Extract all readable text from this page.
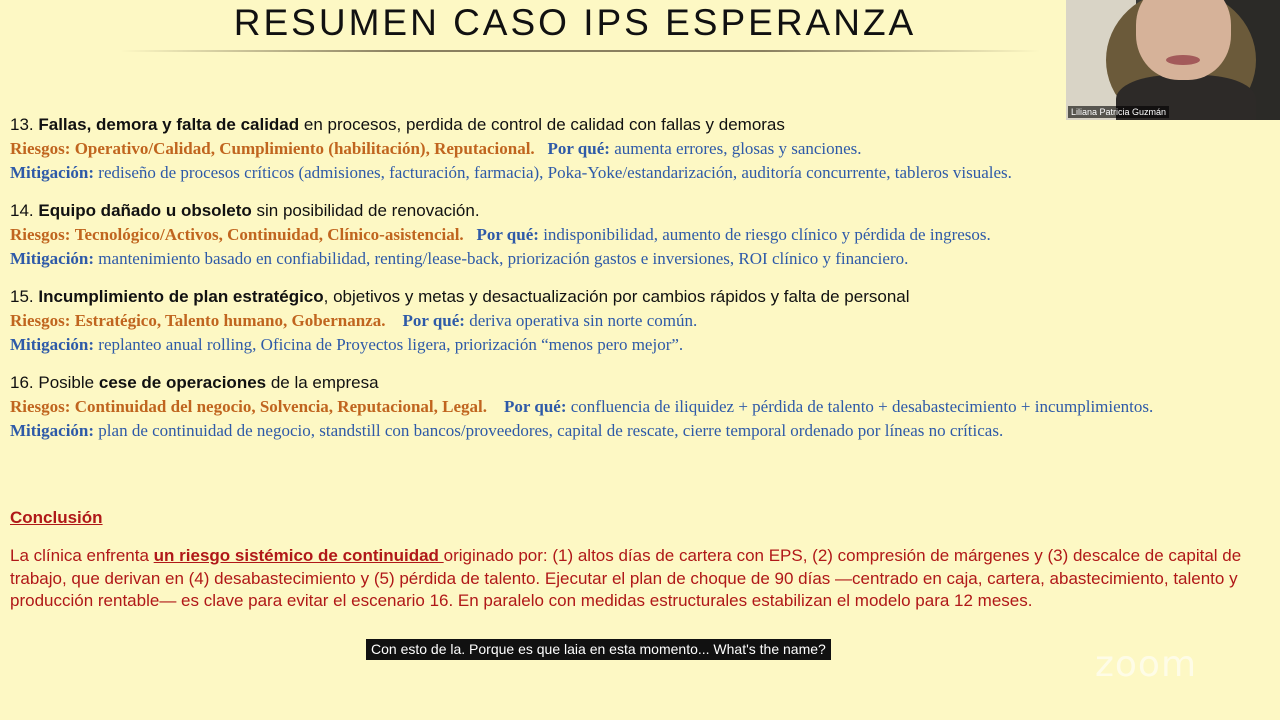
RESUMEN CASO IPS ESPERANZA
13. Fallas, demora y falta de calidad en procesos, perdida de control de calidad con fallas y demoras
Riesgos: Operativo/Calidad, Cumplimiento (habilitación), Reputacional. Por qué: aumenta errores, glosas y sanciones.
Mitigación: rediseño de procesos críticos (admisiones, facturación, farmacia), Poka-Yoke/estandarización, auditoría concurrente, tableros visuales.
14. Equipo dañado u obsoleto sin posibilidad de renovación.
Riesgos: Tecnológico/Activos, Continuidad, Clínico-asistencial. Por qué: indisponibilidad, aumento de riesgo clínico y pérdida de ingresos.
Mitigación: mantenimiento basado en confiabilidad, renting/lease-back, priorización gastos e inversiones, ROI clínico y financiero.
15. Incumplimiento de plan estratégico, objetivos y metas y desactualización por cambios rápidos y falta de personal
Riesgos: Estratégico, Talento humano, Gobernanza. Por qué: deriva operativa sin norte común.
Mitigación: replanteo anual rolling, Oficina de Proyectos ligera, priorización “menos pero mejor”.
16. Posible cese de operaciones de la empresa
Riesgos: Continuidad del negocio, Solvencia, Reputacional, Legal. Por qué: confluencia de iliquidez + pérdida de talento + desabastecimiento + incumplimientos.
Mitigación: plan de continuidad de negocio, standstill con bancos/proveedores, capital de rescate, cierre temporal ordenado por líneas no críticas.
Conclusión
La clínica enfrenta un riesgo sistémico de continuidad originado por: (1) altos días de cartera con EPS, (2) compresión de márgenes y (3) descalce de capital de trabajo, que derivan en (4) desabastecimiento y (5) pérdida de talento. Ejecutar el plan de choque de 90 días —centrado en caja, cartera, abastecimiento, talento y producción rentable— es clave para evitar el escenario 16. En paralelo con medidas estructurales estabilizan el modelo para 12 meses.
Liliana Patricia Guzmán
Con esto de la. Porque es que laia en esta momento... What's the name?	zoom
